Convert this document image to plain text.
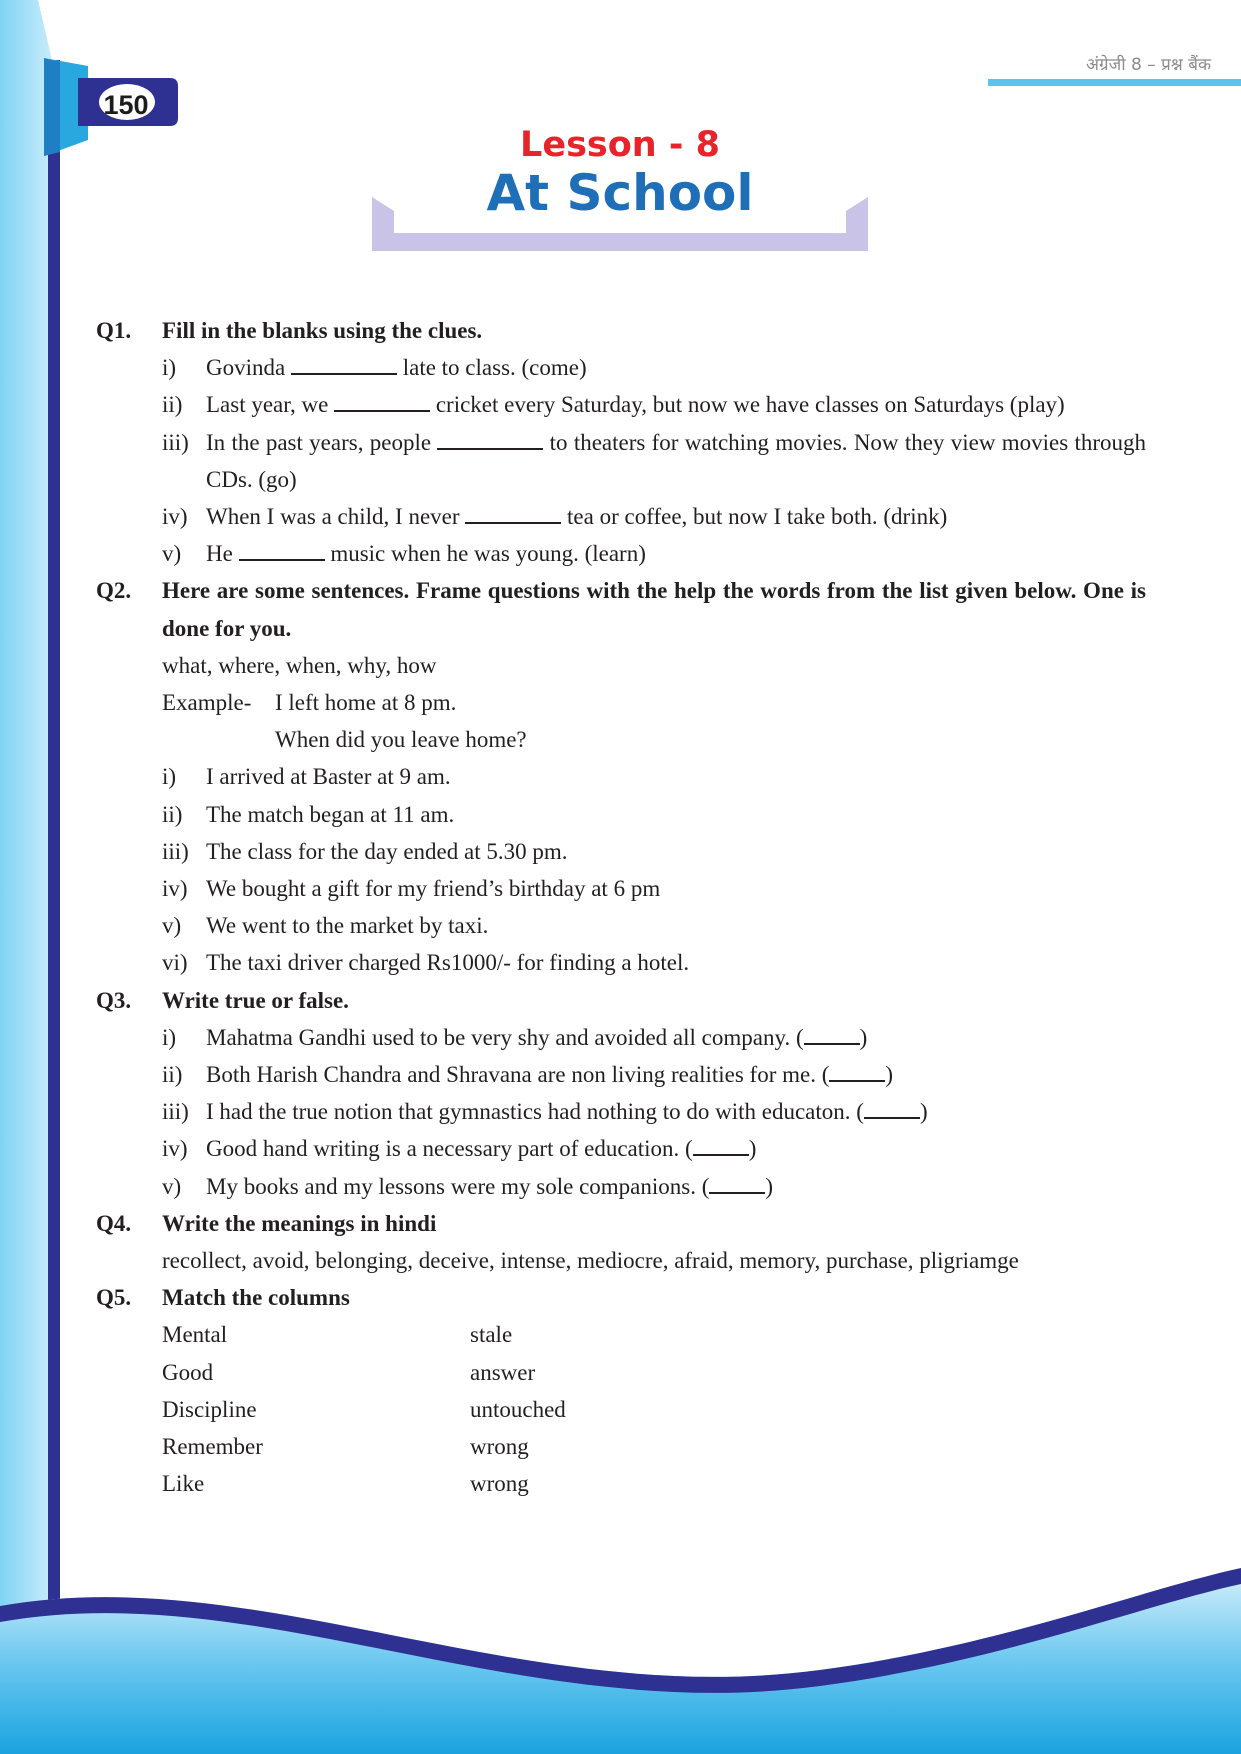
150
अंग्रेजी 8 – प्रश्न बैंक
Lesson - 8
At School
Q1. Fill in the blanks using the clues.
i) Govinda	late to class. (come)
ii) Last year, we	cricket every Saturday, but now we have classes on Saturdays (play)
iii) In the past years, people	to theaters for watching movies. Now they view movies through CDs. (go)
iv) When I was a child, I never	tea or coffee, but now I take both. (drink)
v) He	music when he was young. (learn)
Q2. Here are some sentences. Frame questions with the help the words from the list given below. One is done for you.
what, where, when, why, how
Example- I left home at 8 pm.
When did you leave home?
i) I arrived at Baster at 9 am.
ii) The match began at 11 am.
iii) The class for the day ended at 5.30 pm.
iv) We bought a gift for my friend’s birthday at 6 pm
v) We went to the market by taxi.
vi) The taxi driver charged Rs1000/- for finding a hotel.
Q3. Write true or false.
i) Mahatma Gandhi used to be very shy and avoided all company. ( )
ii) Both Harish Chandra and Shravana are non living realities for me. ( )
iii) I had the true notion that gymnastics had nothing to do with educaton. ( )
iv) Good hand writing is a necessary part of education. ( )
v) My books and my lessons were my sole companions. ( )
Q4. Write the meanings in hindi
recollect, avoid, belonging, deceive, intense, mediocre, afraid, memory, purchase, pligriamge
Q5. Match the columns
Mental	stale
Good	answer
Discipline	untouched
Remember	wrong
Like	wrong
